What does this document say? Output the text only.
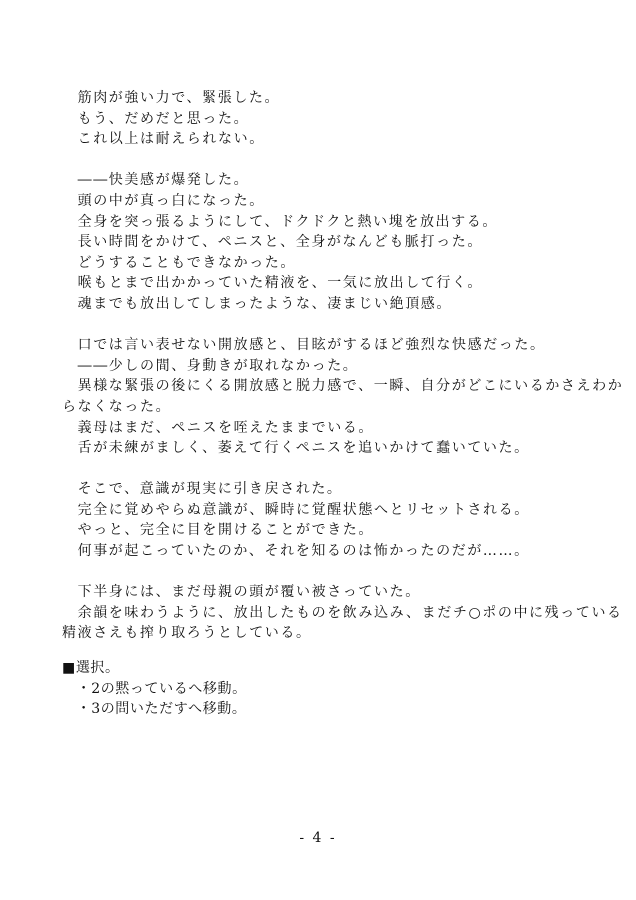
　筋肉が強い力で、緊張した。
　もう、だめだと思った。
　これ以上は耐えられない。
　――快美感が爆発した。
　頭の中が真っ白になった。
　全身を突っ張るようにして、ドクドクと熱い塊を放出する。
　長い時間をかけて、ペニスと、全身がなんども脈打った。
　どうすることもできなかった。
　喉もとまで出かかっていた精液を、一気に放出して行く。
　魂までも放出してしまったような、凄まじい絶頂感。
　口では言い表せない開放感と、目眩がするほど強烈な快感だった。
　――少しの間、身動きが取れなかった。
　異様な緊張の後にくる開放感と脱力感で、一瞬、自分がどこにいるかさえわか
らなくなった。
　義母はまだ、ペニスを咥えたままでいる。
　舌が未練がましく、萎えて行くペニスを追いかけて蠢いていた。
　そこで、意識が現実に引き戻された。
　完全に覚めやらぬ意識が、瞬時に覚醒状態へとリセットされる。
　やっと、完全に目を開けることができた。
　何事が起こっていたのか、それを知るのは怖かったのだが……。
　下半身には、まだ母親の頭が覆い被さっていた。
　余韻を味わうように、放出したものを飲み込み、まだチ○ポの中に残っている
精液さえも搾り取ろうとしている。
■選択。
　・2の黙っているへ移動。
　・3の問いただすへ移動。
- 4 -
